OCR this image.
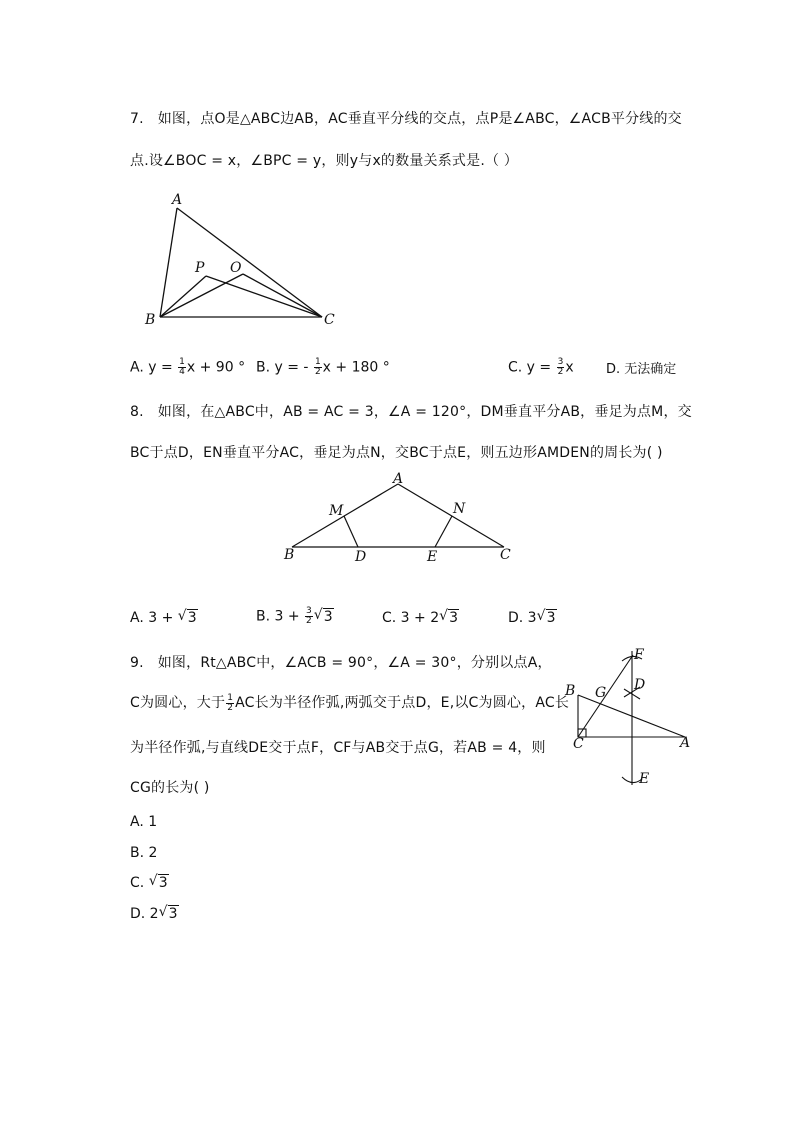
7. 如图，点O是△ABC边AB，AC垂直平分线的交点，点P是∠ABC，∠ACB平分线的交
点.设∠BOC = x，∠BPC = y，则y与x的数量关系式是.（ ）
A
B	C
P O
A. $y = \frac{1}{4}$ x + 90 ° B. y = - $\frac{1}{2}$ x + 180 °	C. $y = \frac{3}{2}$ x D. 无法确定
8. 如图，在△ABC中，AB = AC = 3，∠A = 120°，DM垂直平分AB，垂足为点M，交
BC于点D，EN垂直平分AC，垂足为点N，交BC于点E，则五边形AMDEN的周长为( )
A
B	C
M	N
D	E
A. 3 + √ 3	B. $3 + \frac{3}{2}$ √ 3	C. 3 + 2 √ 3	D. 3 √ 3
9. 如图，Rt△ABC中，∠ACB = 90°，∠A = 30°，分别以点A，
C为圆心，大于 $\frac{1}{2}$ AC长为半径作弧,两弧交于点D，E,以C为圆心，AC长
为半径作弧,与直线DE交于点F，CF与AB交于点G，若AB = 4，则
CG的长为( )
F
B G D
C	A
E
A. 1
B. 2
C. √ 3
D. 2 √ 3
